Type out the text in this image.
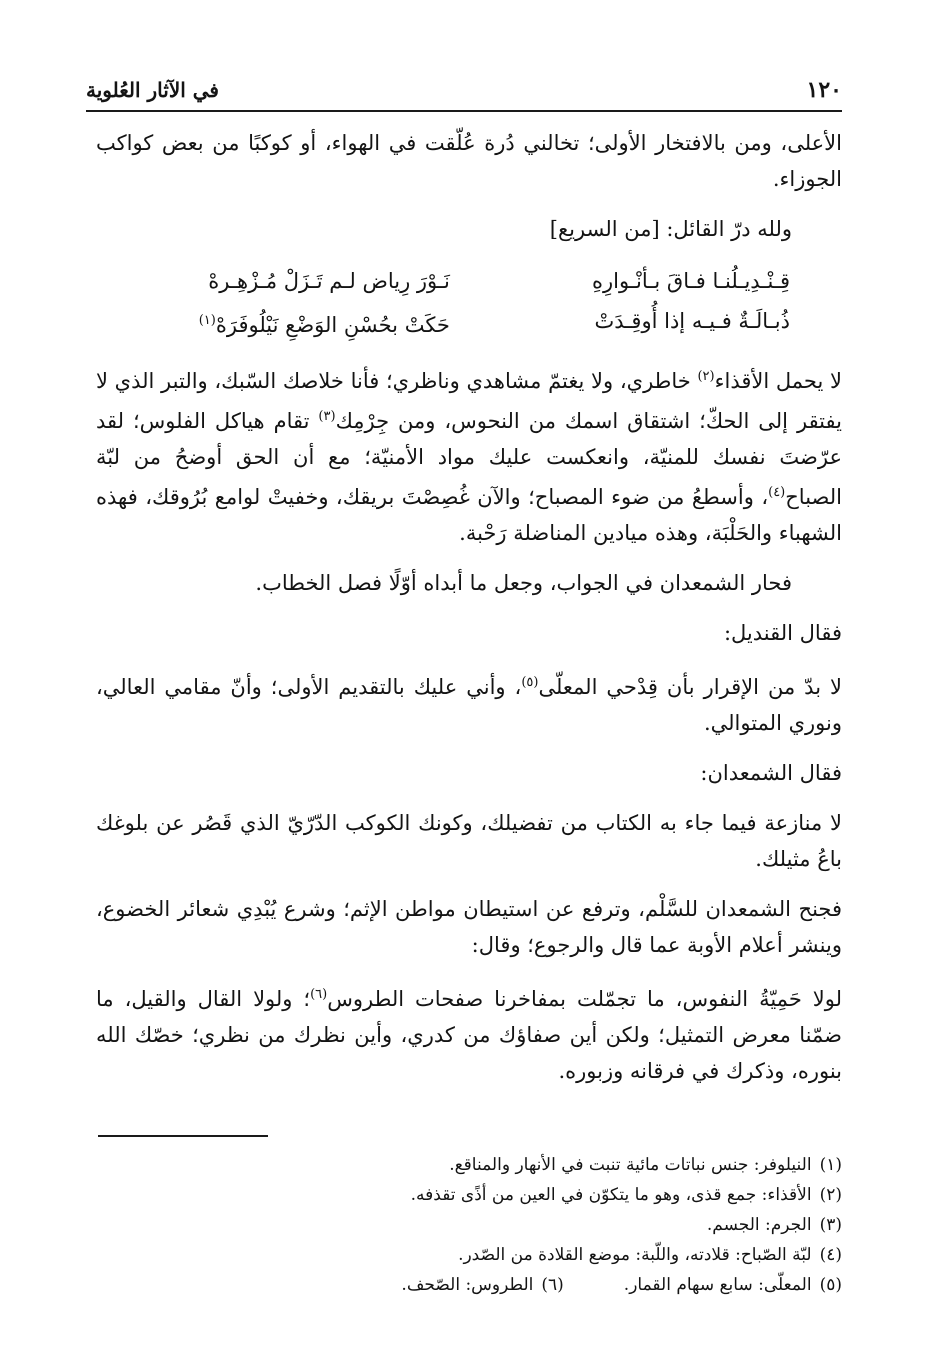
١٢٠
في الآثار العُلوية

الأعلى، ومن بالافتخار الأولى؛ تخالني دُرة عُلّقت في الهواء، أو كوكبًا من بعض كواكب الجوزاء.

ولله درّ القائل: [من السريع]

قِـنْـدِيـلُنـا فـاقَ بـأنْـوارِهِ
نَـوْرَ رِياض لـم تَـزَلْ مُـزْهِـرهْ
ذُبـالَـةٌ فـيـه إذا أُوقِـدَتْ
حَكَتْ بحُسْنِ الوَضْعِ نَيْلُوفَرَهْ$^{(١)}$

لا يحمل الأقذاء$^{(٢)}$ خاطري، ولا يغتمّ مشاهدي وناظري؛ فأنا خلاصك السّبك، والتبر الذي لا يفتقر إلى الحكّ؛ اشتقاق اسمك من النحوس، ومن جِرْمِك$^{(٣)}$ تقام هياكل الفلوس؛ لقد عرّضتَ نفسك للمنيّة، وانعكست عليك مواد الأمنيّة؛ مع أن الحق أوضحُ من لبّة الصباح$^{(٤)}$، وأسطعُ من ضوء المصباح؛ والآن غُصِصْتَ بريقك، وخفيتْ لوامع بُرُوقك، فهذه الشهباء والحَلْبَة، وهذه ميادين المناضلة رَحْبة.

فحار الشمعدان في الجواب، وجعل ما أبداه أوّلًا فصل الخطاب.

فقال القنديل:

لا بدّ من الإقرار بأن قِدْحي المعلّى$^{(٥)}$، وأني عليك بالتقديم الأولى؛ وأنّ مقامي العالي، ونوري المتوالي.

فقال الشمعدان:

لا منازعة فيما جاء به الكتاب من تفضيلك، وكونك الكوكب الدّرّيّ الذي قَصُر عن بلوغك باعُ مثيلك.

فجنح الشمعدان للسَّلْم، وترفع عن استيطان مواطن الإثم؛ وشرع يُبْدِي شعائر الخضوع، وينشر أعلام الأوبة عما قال والرجوع؛ وقال:

لولا حَمِيّةُ النفوس، ما تجمّلت بمفاخرنا صفحات الطروس$^{(٦)}$؛ ولولا القال والقيل، ما ضمّنا معرض التمثيل؛ ولكن أين صفاؤك من كدري، وأين نظرك من نظري؛ خصّك الله بنوره، وذكرك في فرقانه وزبوره.

(١)النيلوفر: جنس نباتات مائية تنبت في الأنهار والمناقع.
(٢)الأقذاء: جمع قذى، وهو ما يتكوّن في العين من أذًى تقذفه.
(٣)الجرم: الجسم.
(٤)لبّة الصّباح: قلادته، واللّبة: موضع القلادة من الصّدر.
(٥)المعلّى: سابع سهام القمار.
(٦)الطروس: الصّحف.
